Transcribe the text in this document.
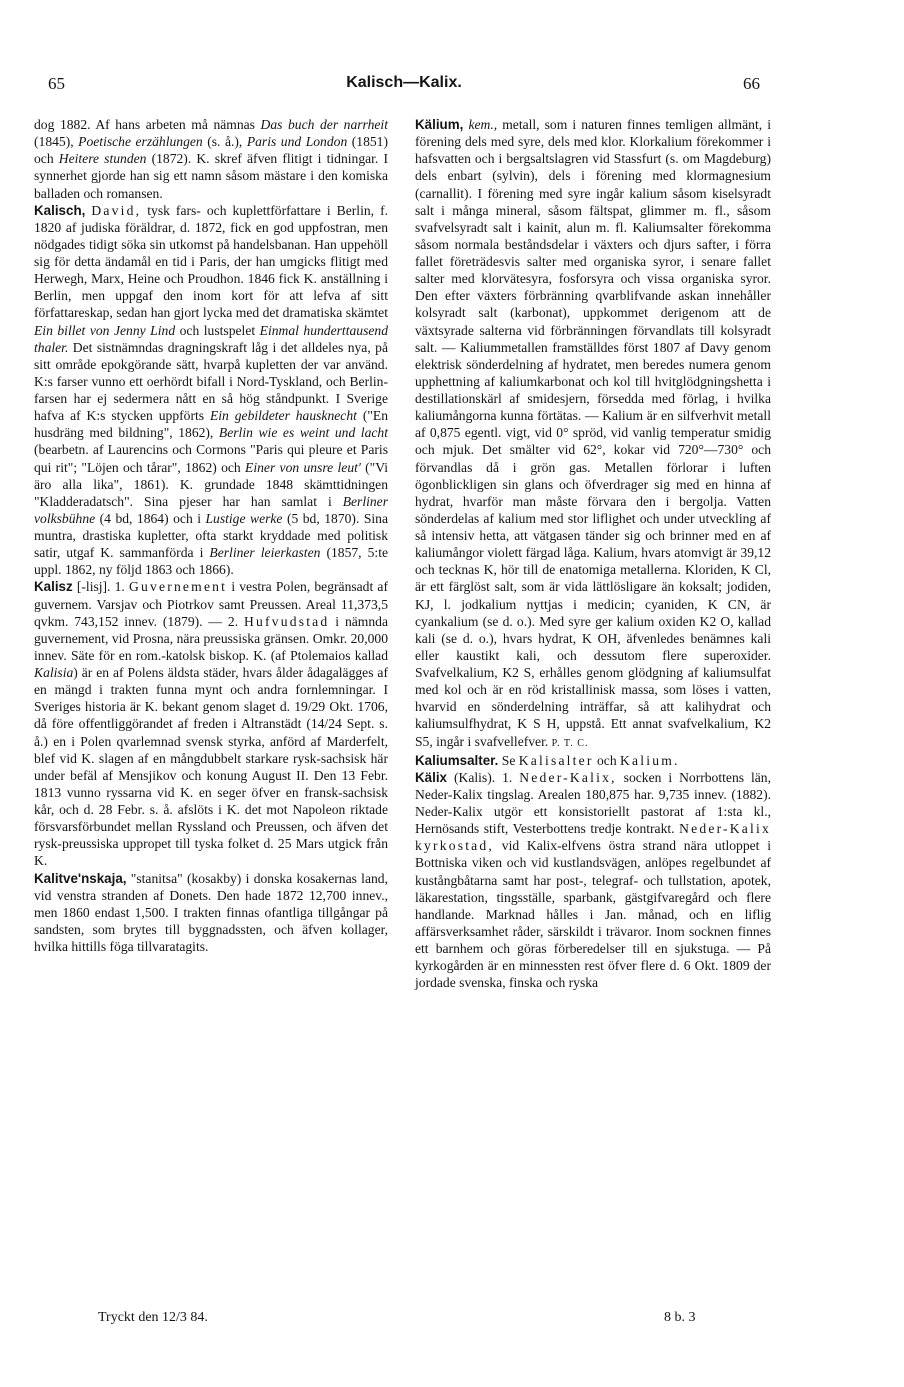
65	Kalisch—Kalix.	66

dog 1882. Af hans arbeten må nämnas Das buch der narrheit (1845), Poetische erzählungen (s. å.), Paris und London (1851) och Heitere stunden (1872). K. skref äfven flitigt i tidningar. I synnerhet gjorde han sig ett namn såsom mästare i den komiska balladen och romansen.

Kalisch, David, tysk fars- och kuplettförfattare i Berlin, f. 1820 af judiska föräldrar, d. 1872, fick en god uppfostran, men nödgades tidigt söka sin utkomst på handelsbanan. Han uppehöll sig för detta ändamål en tid i Paris, der han umgicks flitigt med Herwegh, Marx, Heine och Proudhon. 1846 fick K. anställning i Berlin, men uppgaf den inom kort för att lefva af sitt författareskap, sedan han gjort lycka med det dramatiska skämtet Ein billet von Jenny Lind och lustspelet Einmal hunderttausend thaler. Det sistnämndas dragningskraft låg i det alldeles nya, på sitt område epokgörande sätt, hvarpå kupletten der var använd. K:s farser vunno ett oerhördt bifall i Nord-Tyskland, och Berlin-farsen har ej sedermera nått en så hög ståndpunkt. I Sverige hafva af K:s stycken uppförts Ein gebildeter hausknecht ("En husdräng med bildning", 1862), Berlin wie es weint und lacht (bearbetn. af Laurencins och Cormons "Paris qui pleure et Paris qui rit"; "Löjen och tårar", 1862) och Einer von unsre leut' ("Vi äro alla lika", 1861). K. grundade 1848 skämttidningen "Kladderadatsch". Sina pjeser har han samlat i Berliner volksbühne (4 bd, 1864) och i Lustige werke (5 bd, 1870). Sina muntra, drastiska kupletter, ofta starkt kryddade med politisk satir, utgaf K. sammanförda i Berliner leierkasten (1857, 5:te uppl. 1862, ny följd 1863 och 1866).

Kalisz [-lisj]. 1. Guvernement i vestra Polen, begränsadt af guvernem. Varsjav och Piotrkov samt Preussen. Areal 11,373,5 qvkm. 743,152 innev. (1879). — 2. Hufvudstad i nämnda guvernement, vid Prosna, nära preussiska gränsen. Omkr. 20,000 innev. Säte för en rom.-katolsk biskop. K. (af Ptolemaios kallad Kalisia) är en af Polens äldsta städer, hvars ålder ådagalägges af en mängd i trakten funna mynt och andra fornlemningar. I Sveriges historia är K. bekant genom slaget d. 19/29 Okt. 1706, då före offentliggörandet af freden i Altranstädt (14/24 Sept. s. å.) en i Polen qvarlemnad svensk styrka, anförd af Marderfelt, blef vid K. slagen af en mångdubbelt starkare rysk-sachsisk här under befäl af Mensjikov och konung August II. Den 13 Febr. 1813 vunno ryssarna vid K. en seger öfver en fransk-sachsisk kår, och d. 28 Febr. s. å. afslöts i K. det mot Napoleon riktade försvarsförbundet mellan Ryssland och Preussen, och äfven det rysk-preussiska uppropet till tyska folket d. 25 Mars utgick från K.

Kalitve'nskaja, "stanitsa" (kosakby) i donska kosakernas land, vid venstra stranden af Donets. Den hade 1872 12,700 innev., men 1860 endast 1,500. I trakten finnas ofantliga tillgångar på sandsten, som brytes till byggnadssten, och äfven kollager, hvilka hittills föga tillvaratagits.

Kälium, kem., metall, som i naturen finnes temligen allmänt, i förening dels med syre, dels med klor. Klorkalium förekommer i hafsvatten och i bergsaltslagren vid Stassfurt (s. om Magdeburg) dels enbart (sylvin), dels i förening med klormagnesium (carnallit). I förening med syre ingår kalium såsom kiselsyradt salt i många mineral, såsom fältspat, glimmer m. fl., såsom svafvelsyradt salt i kainit, alun m. fl. Kaliumsalter förekomma såsom normala beståndsdelar i växters och djurs safter, i förra fallet företrädesvis salter med organiska syror, i senare fallet salter med klorvätesyra, fosforsyra och vissa organiska syror. Den efter växters förbränning qvarblifvande askan innehåller kolsyradt salt (karbonat), uppkommet derigenom att de växtsyrade salterna vid förbränningen förvandlats till kolsyradt salt. — Kaliummetallen framställdes först 1807 af Davy genom elektrisk sönderdelning af hydratet, men beredes numera genom upphettning af kaliumkarbonat och kol till hvitglödgningshetta i destillationskärl af smidesjern, försedda med förlag, i hvilka kaliumångorna kunna förtätas. — Kalium är en silfverhvit metall af 0,875 egentl. vigt, vid 0° spröd, vid vanlig temperatur smidig och mjuk. Det smälter vid 62°, kokar vid 720°—730° och förvandlas då i grön gas. Metallen förlorar i luften ögonblickligen sin glans och öfverdrager sig med en hinna af hydrat, hvarför man måste förvara den i bergolja. Vatten sönderdelas af kalium med stor liflighet och under utveckling af så intensiv hetta, att vätgasen tänder sig och brinner med en af kaliumångor violett färgad låga. Kalium, hvars atomvigt är 39,12 och tecknas K, hör till de enatomiga metallerna. Kloriden, K Cl, är ett färglöst salt, som är vida lättlösligare än koksalt; jodiden, KJ, l. jodkalium nyttjas i medicin; cyaniden, K CN, är cyankalium (se d. o.). Med syre ger kalium oxiden K2 O, kallad kali (se d. o.), hvars hydrat, K OH, äfvenledes benämnes kali eller kaustikt kali, och dessutom flere superoxider. Svafvelkalium, K2 S, erhålles genom glödgning af kaliumsulfat med kol och är en röd kristallinisk massa, som löses i vatten, hvarvid en sönderdelning inträffar, så att kalihydrat och kaliumsulfhydrat, K S H, uppstå. Ett annat svafvelkalium, K2 S5, ingår i svafvellefver. P. T. C.

Kaliumsalter. Se Kalisalter och Kalium.

Kälix (Kalis). 1. Neder-Kalix, socken i Norrbottens län, Neder-Kalix tingslag. Arealen 180,875 har. 9,735 innev. (1882). Neder-Kalix utgör ett konsistoriellt pastorat af 1:sta kl., Hernösands stift, Vesterbottens tredje kontrakt. Neder-Kalix kyrkostad, vid Kalix-elfvens östra strand nära utloppet i Bottniska viken och vid kustlandsvägen, anlöpes regelbundet af kustångbåtarna samt har post-, telegraf- och tullstation, apotek, läkarestation, tingsställe, sparbank, gästgifvaregård och flere handlande. Marknad hålles i Jan. månad, och en liflig affärsverksamhet råder, särskildt i trävaror. Inom socknen finnes ett barnhem och göras förberedelser till en sjukstuga. — På kyrkogården är en minnessten rest öfver flere d. 6 Okt. 1809 der jordade svenska, finska och ryska

Tryckt den 12/3 84.	8 b. 3
